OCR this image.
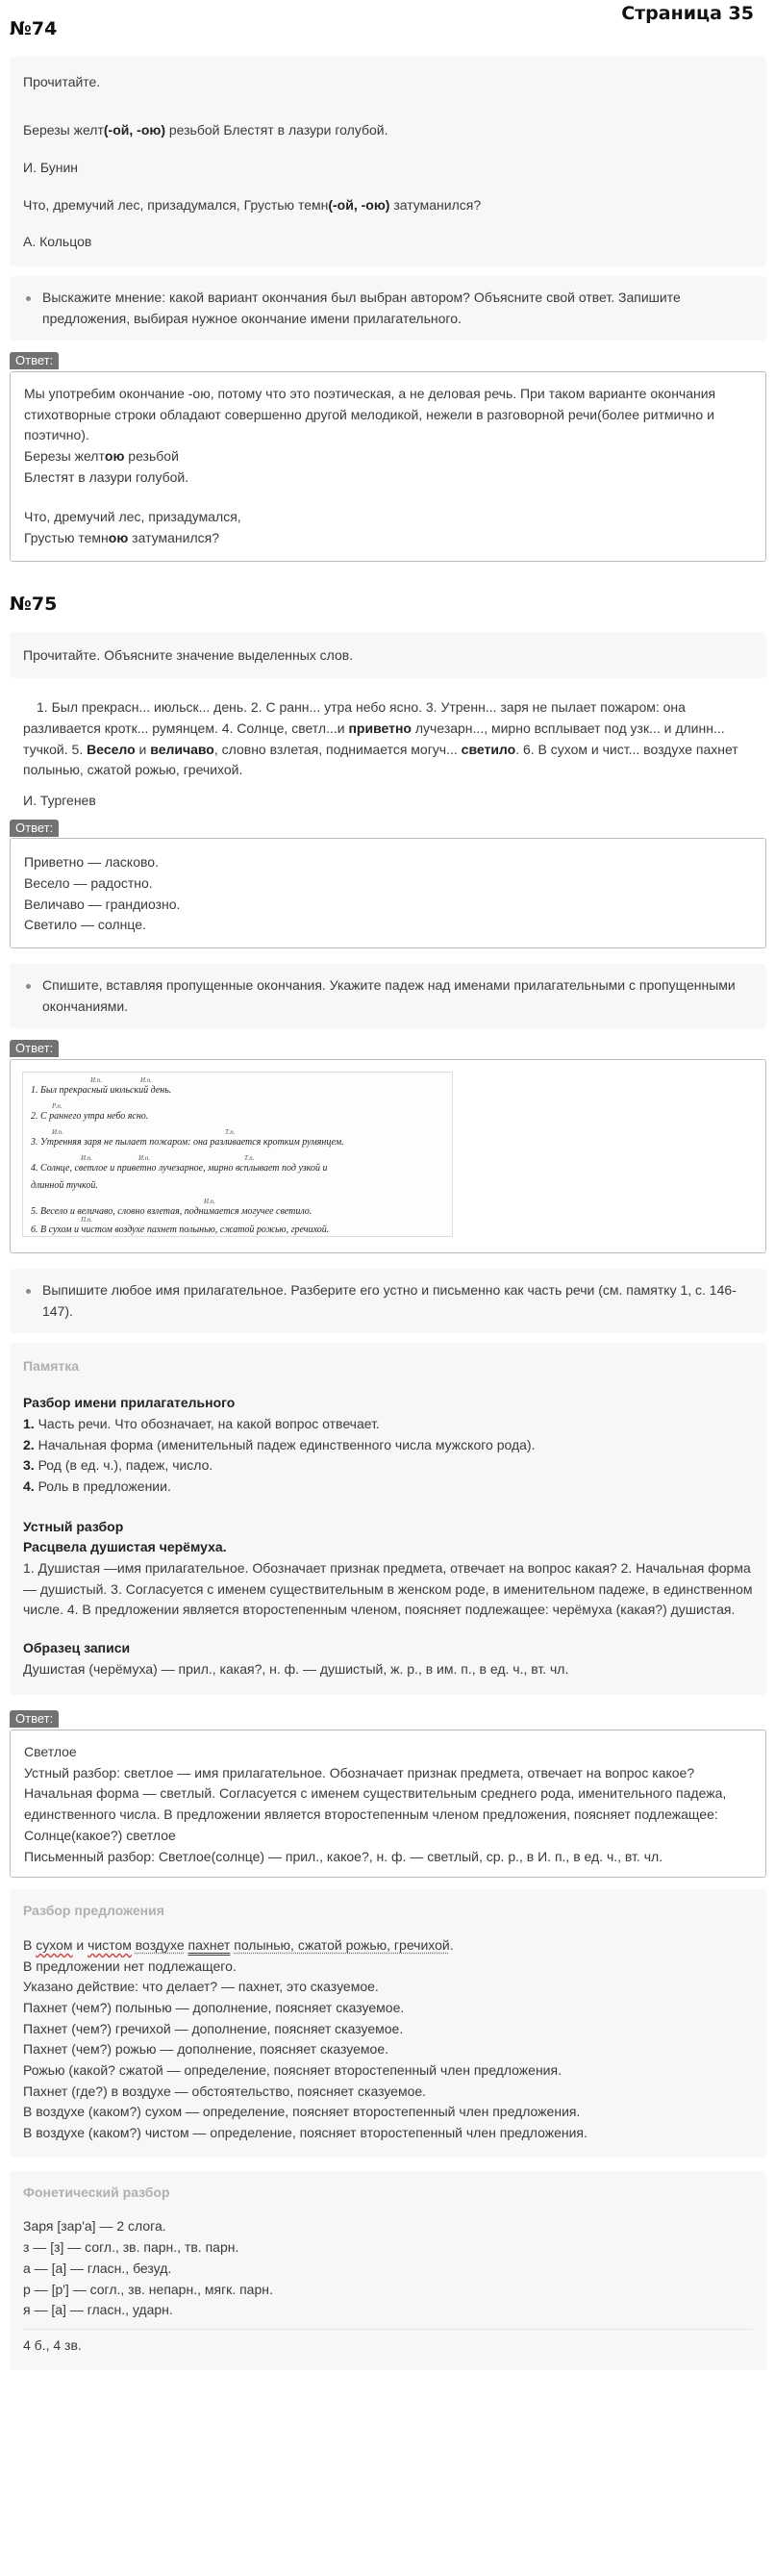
Страница 35
№74

Прочитайте.

Березы желт(-ой, -ою) резьбой Блестят в лазури голубой.

И. Бунин

Что, дремучий лес, призадумался, Грустью темн(-ой, -ою) затуманился?

А. Кольцов

Выскажите мнение: какой вариант окончания был выбран автором? Объясните свой ответ. Запишите предложения, выбирая нужное окончание имени прилагательного.
Ответ:

Мы употребим окончание -ою, потому что это поэтическая, а не деловая речь. При таком варианте окончания стихотворные строки обладают совершенно другой мелодикой, нежели в разговорной речи(более ритмично и поэтично).

Березы желтою резьбой

Блестят в лазури голубой.

Что, дремучий лес, призадумался,

Грустью темною затуманился?

№75

Прочитайте. Объясните значение выделенных слов.

1. Был прекрасн... июльск... день. 2. С ранн... утра небо ясно. 3. Утренн... заря не пылает пожаром: она разливается кротк... румянцем. 4. Солнце, светл...и приветно лучезарн..., мирно всплывает под узк... и длинн... тучкой. 5. Весело и величаво, словно взлетая, поднимается могуч... светило. 6. В сухом и чист... воздухе пахнет полынью, сжатой рожью, гречихой.

И. Тургенев

Ответ:

Приветно — ласково.

Весело — радостно.

Величаво — грандиозно.

Светило — солнце.

Спишите, вставляя пропущенные окончания. Укажите падеж над именами прилагательными с пропущенными окончаниями.
Ответ:
И.п.	И.п.
1. Был прекрасный июльский день.
Р.п.
2. С раннего утра небо ясно.
И.п.	Т.п.
3. Утренняя заря не пылает пожаром: она разливается кротким румянцем.
И.п.	И.п.	Т.п.
4. Солнце, светлое и приветно лучезарное, мирно всплывает под узкой и
длинной тучкой.
И.п.
5. Весело и величаво, словно взлетая, поднимается могучее светило.
П.п.
6. В сухом и чистом воздухе пахнет полынью, сжатой рожью, гречихой.
Выпишите любое имя прилагательное. Разберите его устно и письменно как часть речи (см. памятку 1, с. 146-147).

Памятка

Разбор имени прилагательного

1. Часть речи. Что обозначает, на какой вопрос отвечает.

2. Начальная форма (именительный падеж единственного числа мужского рода).

3. Род (в ед. ч.), падеж, число.

4. Роль в предложении.

Устный разбор

Расцвела душистая черёмуха.

1. Душистая —имя прилагательное. Обозначает признак предмета, отвечает на вопрос какая? 2. Начальная форма — душистый. 3. Согласуется с именем существительным в женском роде, в именительном падеже, в единственном числе. 4. В предложении является второстепенным членом, поясняет подлежащее: черёмуха (какая?) душистая.

Образец записи

Душистая (черёмуха) — прил., какая?, н. ф. — душистый, ж. р., в им. п., в ед. ч., вт. чл.

Ответ:

Светлое

Устный разбор: светлое — имя прилагательное. Обозначает признак предмета, отвечает на вопрос какое? Начальная форма — светлый. Согласуется с именем существительным среднего рода, именительного падежа, единственного числа. В предложении является второстепенным членом предложения, поясняет подлежащее:

Солнце(какое?) светлое

Письменный разбор: Светлое(солнце) — прил., какое?, н. ф. — светлый, ср. р., в И. п., в ед. ч., вт. чл.

Разбор предложения

В сухом и чистом воздухе пахнет полынью, сжатой рожью, гречихой.

В предложении нет подлежащего.

Указано действие: что делает? — пахнет, это сказуемое.

Пахнет (чем?) полынью — дополнение, поясняет сказуемое.

Пахнет (чем?) гречихой — дополнение, поясняет сказуемое.

Пахнет (чем?) рожью — дополнение, поясняет сказуемое.

Рожью (какой? сжатой — определение, поясняет второстепенный член предложения.

Пахнет (где?) в воздухе — обстоятельство, поясняет сказуемое.

В воздухе (каком?) сухом — определение, поясняет второстепенный член предложения.

В воздухе (каком?) чистом — определение, поясняет второстепенный член предложения.

Фонетический разбор

Заря [зар'а] — 2 слога.

з — [з] — согл., зв. парн., тв. парн.

а — [а] — гласн., безуд.

р — [р'] — согл., зв. непарн., мягк. парн.

я — [а] — гласн., ударн.

4 б., 4 зв.
